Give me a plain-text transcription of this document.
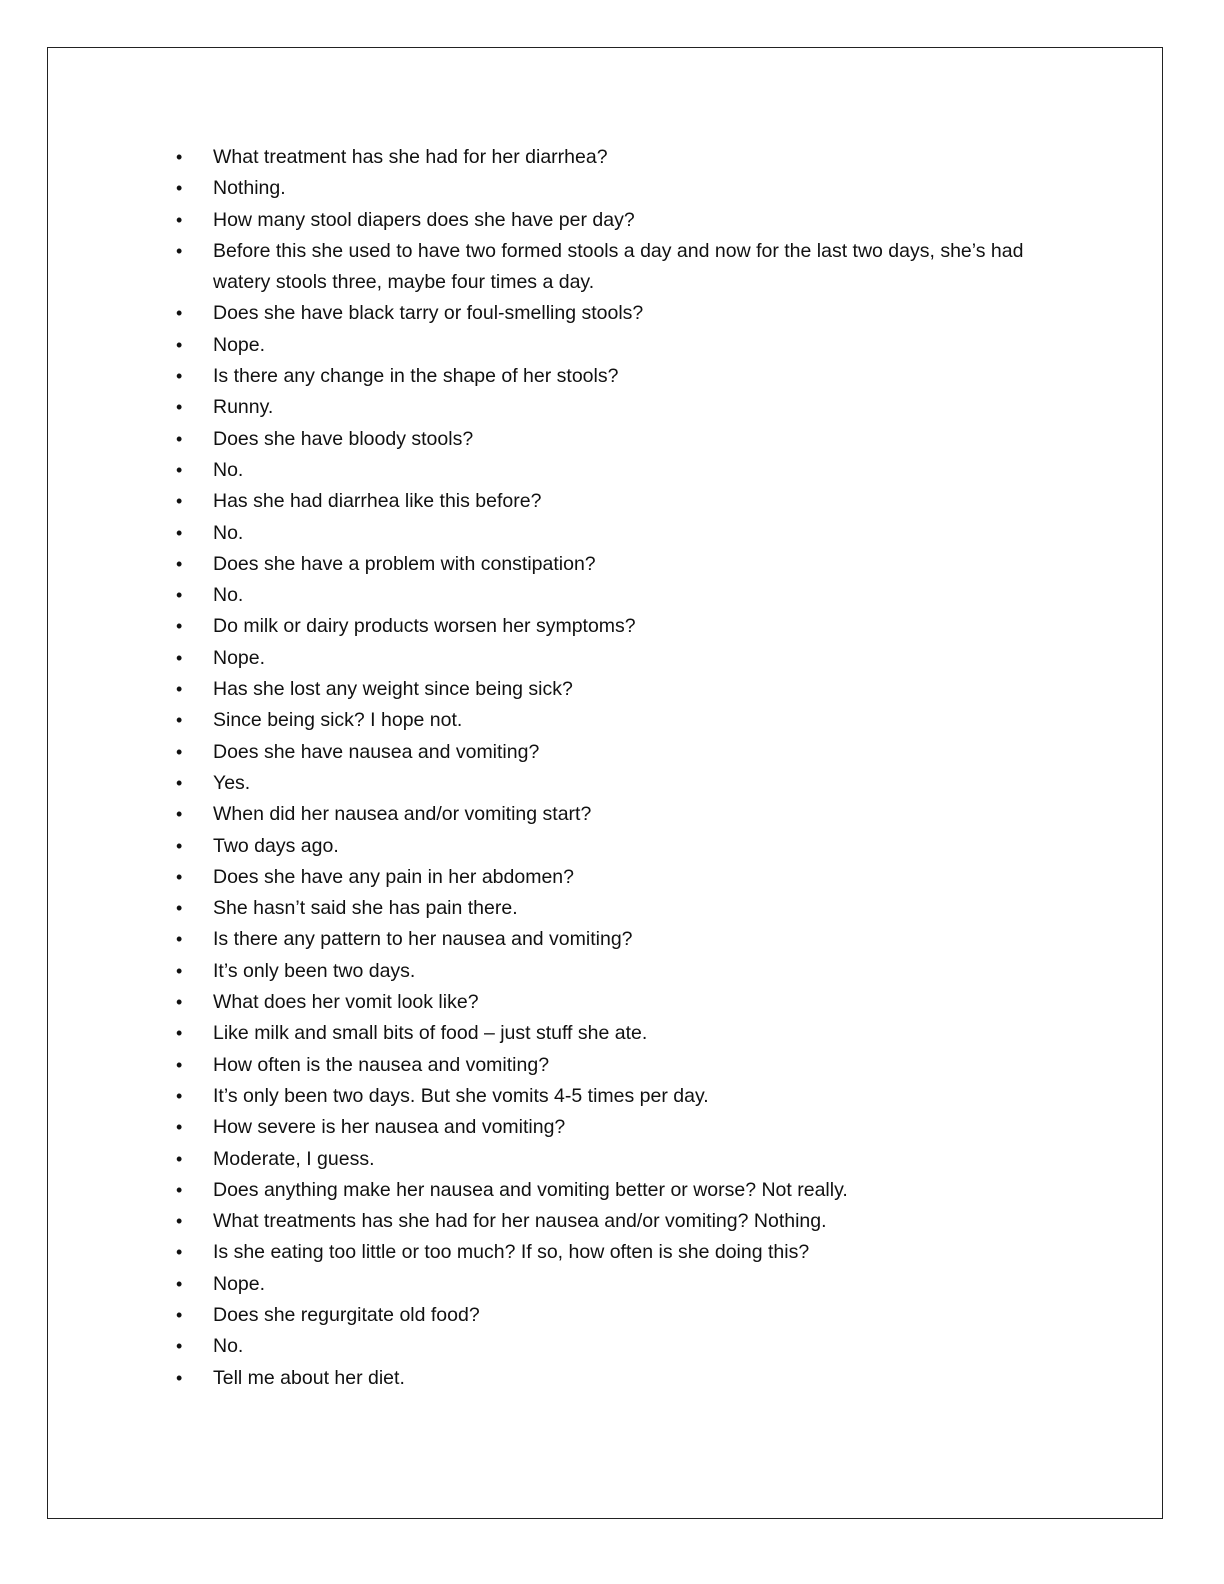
• What treatment has she had for her diarrhea?
• Nothing.
• How many stool diapers does she have per day?
• Before this she used to have two formed stools a day and now for the last two days, she’s had watery stools three, maybe four times a day.
• Does she have black tarry or foul-smelling stools?
• Nope.
• Is there any change in the shape of her stools?
• Runny.
• Does she have bloody stools?
• No.
• Has she had diarrhea like this before?
• No.
• Does she have a problem with constipation?
• No.
• Do milk or dairy products worsen her symptoms?
• Nope.
• Has she lost any weight since being sick?
• Since being sick? I hope not.
• Does she have nausea and vomiting?
• Yes.
• When did her nausea and/or vomiting start?
• Two days ago.
• Does she have any pain in her abdomen?
• She hasn’t said she has pain there.
• Is there any pattern to her nausea and vomiting?
• It’s only been two days.
• What does her vomit look like?
• Like milk and small bits of food – just stuff she ate.
• How often is the nausea and vomiting?
• It’s only been two days. But she vomits 4-5 times per day.
• How severe is her nausea and vomiting?
• Moderate, I guess.
• Does anything make her nausea and vomiting better or worse? Not really.
• What treatments has she had for her nausea and/or vomiting? Nothing.
• Is she eating too little or too much? If so, how often is she doing this?
• Nope.
• Does she regurgitate old food?
• No.
• Tell me about her diet.
